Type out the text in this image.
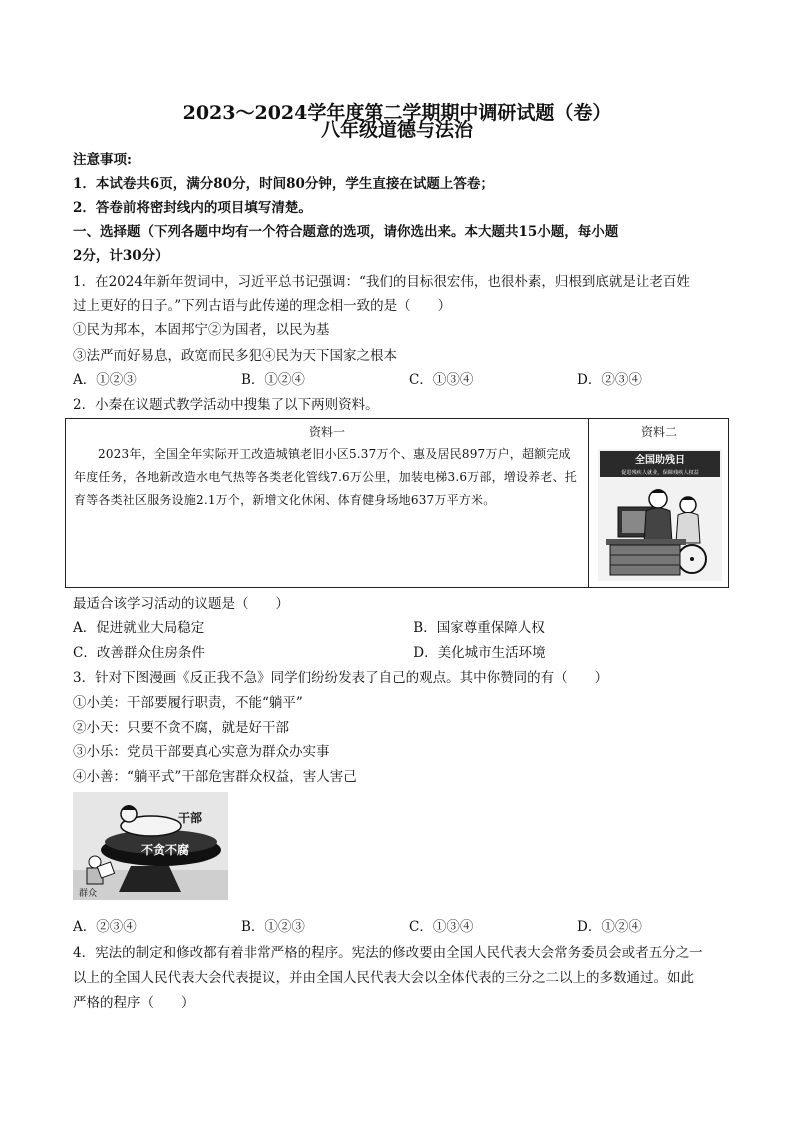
2023～2024学年度第二学期期中调研试题（卷）
八年级道德与法治
注意事项:
1．本试卷共6页，满分80分，时间80分钟，学生直接在试题上答卷；
2．答卷前将密封线内的项目填写清楚。
一、选择题（下列各题中均有一个符合题意的选项，请你选出来。本大题共15小题，每小题
2分，计30分）
1．在2024年新年贺词中，习近平总书记强调：“我们的目标很宏伟，也很朴素，归根到底就是让老百姓
过上更好的日子。”下列古语与此传递的理念相一致的是（　　）
①民为邦本，本固邦宁②为国者，以民为基
③法严而好易息，政宽而民多犯④民为天下国家之根本
A．①②③	B．①②④	C．①③④	D．②③④
2．小秦在议题式教学活动中搜集了以下两则资料。
资料一
2023年，全国全年实际开工改造城镇老旧小区5.37万个、惠及居民897万户，超额完成年度任务，各地新改造水电气热等各类老化管线7.6万公里，加装电梯3.6万部，增设养老、托育等各类社区服务设施2.1万个，新增文化休闲、体育健身场地637万平方米。
资料二
全国助残日
促进残疾人就业，保障残疾人权益
最适合该学习活动的议题是（　　）
A．促进就业大局稳定	B．国家尊重保障人权
C．改善群众住房条件	D．美化城市生活环境
3．针对下图漫画《反正我不急》同学们纷纷发表了自己的观点。其中你赞同的有（　　）
①小美：干部要履行职责，不能“躺平”
②小天：只要不贪不腐，就是好干部
③小乐：党员干部要真心实意为群众办实事
④小善：“躺平式”干部危害群众权益，害人害己
不贪不腐
干部
群众
A．②③④	B．①②③	C．①③④	D．①②④
4．宪法的制定和修改都有着非常严格的程序。宪法的修改要由全国人民代表大会常务委员会或者五分之一
以上的全国人民代表大会代表提议，并由全国人民代表大会以全体代表的三分之二以上的多数通过。如此
严格的程序（　　）
